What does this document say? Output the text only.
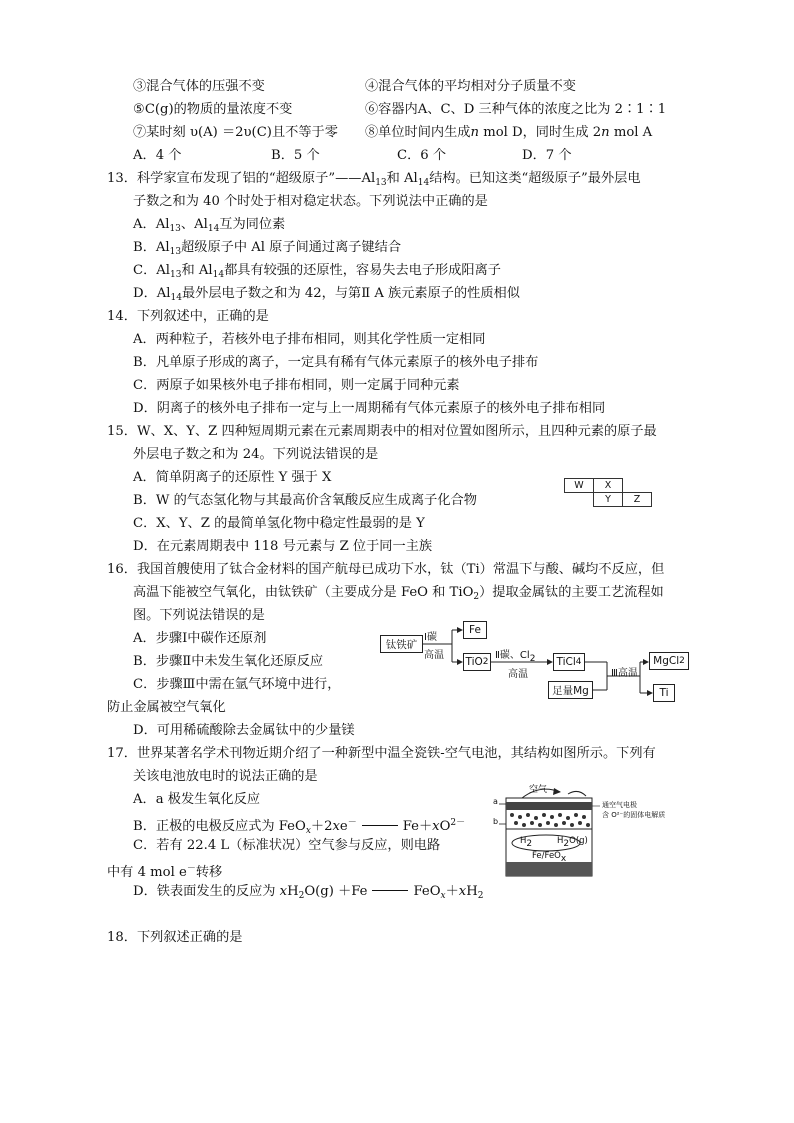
③混合气体的压强不变	④混合气体的平均相对分子质量不变
⑤C(g)的物质的量浓度不变	⑥容器内A、C、D 三种气体的浓度之比为 2∶1∶1
⑦某时刻 υ(A) ＝2υ(C)且不等于零 ⑧单位时间内生成n mol D，同时生成 2n mol A
A．4 个	B．5 个	C．6 个	D．7 个
13．科学家宣布发现了铝的“超级原子$”——Al_{13}$和 $Al_{14}$结构。已知这类“超级原子”最外层电
子数之和为 40 个时处于相对稳定状态。下列说法中正确的是
A．$Al_{13}$、$Al_{14}$互为同位素
B．$Al_{13}$超级原子中 Al 原子间通过离子键结合
C．$Al_{13}$和 $Al_{14}$都具有较强的还原性，容易失去电子形成阳离子
D．$Al_{14}$最外层电子数之和为 42，与第Ⅱ A 族元素原子的性质相似
14．下列叙述中，正确的是
A．两种粒子，若核外电子排布相同，则其化学性质一定相同
B．凡单原子形成的离子，一定具有稀有气体元素原子的核外电子排布
C．两原子如果核外电子排布相同，则一定属于同种元素
D．阴离子的核外电子排布一定与上一周期稀有气体元素原子的核外电子排布相同
15．W、X、Y、Z 四种短周期元素在元素周期表中的相对位置如图所示，且四种元素的原子最
外层电子数之和为 24。下列说法错误的是
A．简单阴离子的还原性 Y 强于 X
B．W 的气态氢化物与其最高价含氧酸反应生成离子化合物
C．X、Y、Z 的最简单氢化物中稳定性最弱的是 Y
D．在元素周期表中 118 号元素与 Z 位于同一主族
W	X	
	Y	Z
16．我国首艘使用了钛合金材料的国产航母已成功下水，钛（Ti）常温下与酸、碱均不反应，但
高温下能被空气氧化，由钛铁矿（主要成分是 FeO 和 TiO$_2$）提取金属钛的主要工艺流程如
图。下列说法错误的是
A．步骤Ⅰ中碳作还原剂
B．步骤Ⅱ中未发生氧化还原反应
C．步骤Ⅲ中需在氩气环境中进行，
防止金属被空气氧化
D．可用稀硫酸除去金属钛中的少量镁
钛铁矿
Ⅰ碳
高温
Fe
TiO 2
Ⅱ碳、Cl2
高温
TiCl 4
Ⅲ高温
足量Mg
MgCl 2
Ti
17．世界某著名学术刊物近期介绍了一种新型中温全瓷铁-空气电池，其结构如图所示。下列有
关该电池放电时的说法正确的是
A．a 极发生氧化反应
B．正极的电极反应式为 FeO$_x$＋2xe－	$Fe+xO^{2-}$
C．若有 22.4 L（标准状况）空气参与反应，则电路
中有 4 mol e－转移
D．铁表面发生的反应为 $xH_2O(g) +Fe$	$FeO_x+xH_2$
空气
a
b
通空气电极
含 O²⁻的固体电解质
H2	H2O(g)
Fe/FeOx
18．下列叙述正确的是
